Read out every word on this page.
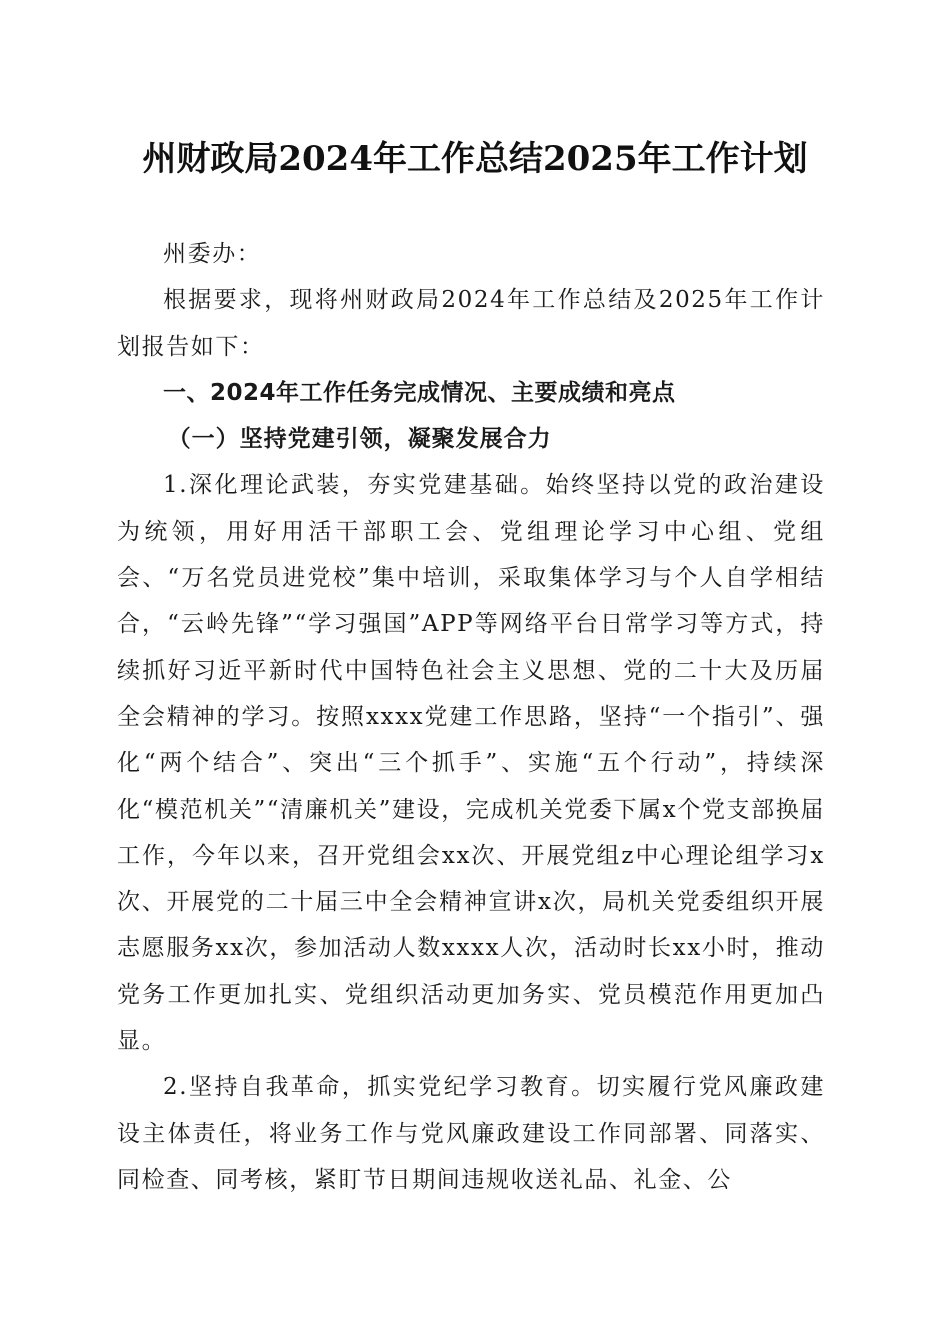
州财政局2024年工作总结2025年工作计划

州委办：

根据要求，现将州财政局2024年工作总结及2025年工作计划报告如下：

一、2024年工作任务完成情况、主要成绩和亮点

（一）坚持党建引领，凝聚发展合力

1.深化理论武装，夯实党建基础。始终坚持以党的政治建设为统领，用好用活干部职工会、党组理论学习中心组、党组会、“万名党员进党校”集中培训，采取集体学习与个人自学相结合，“云岭先锋”“学习强国”APP等网络平台日常学习等方式，持续抓好习近平新时代中国特色社会主义思想、党的二十大及历届全会精神的学习。按照xxxx党建工作思路，坚持“一个指引”、强化“两个结合”、突出“三个抓手”、实施“五个行动”，持续深化“模范机关”“清廉机关”建设，完成机关党委下属x个党支部换届工作，今年以来，召开党组会xx次、开展党组z中心理论组学习x次、开展党的二十届三中全会精神宣讲x次，局机关党委组织开展志愿服务xx次，参加活动人数xxxx人次，活动时长xx小时，推动党务工作更加扎实、党组织活动更加务实、党员模范作用更加凸显。

2.坚持自我革命，抓实党纪学习教育。切实履行党风廉政建设主体责任，将业务工作与党风廉政建设工作同部署、同落实、同检查、同考核，紧盯节日期间违规收送礼品、礼金、公
